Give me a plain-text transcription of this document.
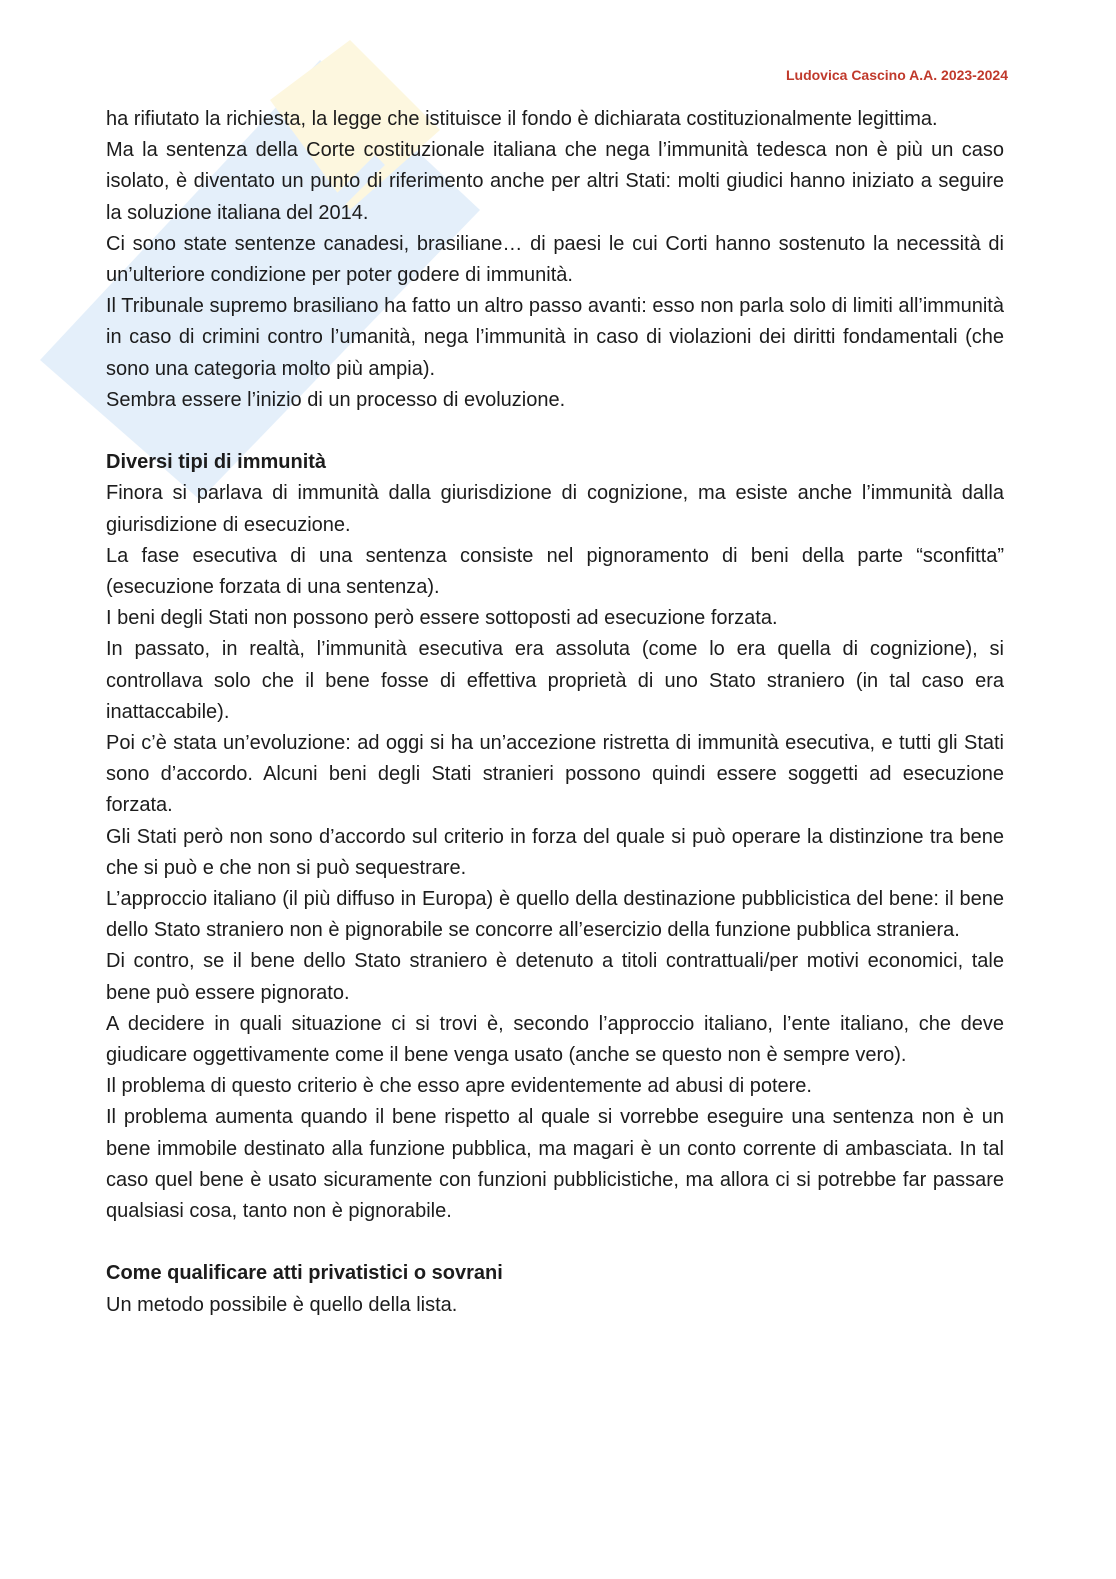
Ludovica Cascino A.A. 2023-2024

ha rifiutato la richiesta, la legge che istituisce il fondo è dichiarata costituzionalmente legittima.

Ma la sentenza della Corte costituzionale italiana che nega l’immunità tedesca non è più un caso isolato, è diventato un punto di riferimento anche per altri Stati: molti giudici hanno iniziato a seguire la soluzione italiana del 2014.

Ci sono state sentenze canadesi, brasiliane… di paesi le cui Corti hanno sostenuto la necessità di un’ulteriore condizione per poter godere di immunità.

Il Tribunale supremo brasiliano ha fatto un altro passo avanti: esso non parla solo di limiti all’immunità in caso di crimini contro l’umanità, nega l’immunità in caso di violazioni dei diritti fondamentali (che sono una categoria molto più ampia).

Sembra essere l’inizio di un processo di evoluzione.

Diversi tipi di immunità

Finora si parlava di immunità dalla giurisdizione di cognizione, ma esiste anche l’immunità dalla giurisdizione di esecuzione.

La fase esecutiva di una sentenza consiste nel pignoramento di beni della parte “sconfitta” (esecuzione forzata di una sentenza).

I beni degli Stati non possono però essere sottoposti ad esecuzione forzata.

In passato, in realtà, l’immunità esecutiva era assoluta (come lo era quella di cognizione), si controllava solo che il bene fosse di effettiva proprietà di uno Stato straniero (in tal caso era inattaccabile).

Poi c’è stata un’evoluzione: ad oggi si ha un’accezione ristretta di immunità esecutiva, e tutti gli Stati sono d’accordo. Alcuni beni degli Stati stranieri possono quindi essere soggetti ad esecuzione forzata.

Gli Stati però non sono d’accordo sul criterio in forza del quale si può operare la distinzione tra bene che si può e che non si può sequestrare.

L’approccio italiano (il più diffuso in Europa) è quello della destinazione pubblicistica del bene: il bene dello Stato straniero non è pignorabile se concorre all’esercizio della funzione pubblica straniera.

Di contro, se il bene dello Stato straniero è detenuto a titoli contrattuali/per motivi economici, tale bene può essere pignorato.

A decidere in quali situazione ci si trovi è, secondo l’approccio italiano, l’ente italiano, che deve giudicare oggettivamente come il bene venga usato (anche se questo non è sempre vero).

Il problema di questo criterio è che esso apre evidentemente ad abusi di potere.

Il problema aumenta quando il bene rispetto al quale si vorrebbe eseguire una sentenza non è un bene immobile destinato alla funzione pubblica, ma magari è un conto corrente di ambasciata. In tal caso quel bene è usato sicuramente con funzioni pubblicistiche, ma allora ci si potrebbe far passare qualsiasi cosa, tanto non è pignorabile.

Come qualificare atti privatistici o sovrani

Un metodo possibile è quello della lista.
